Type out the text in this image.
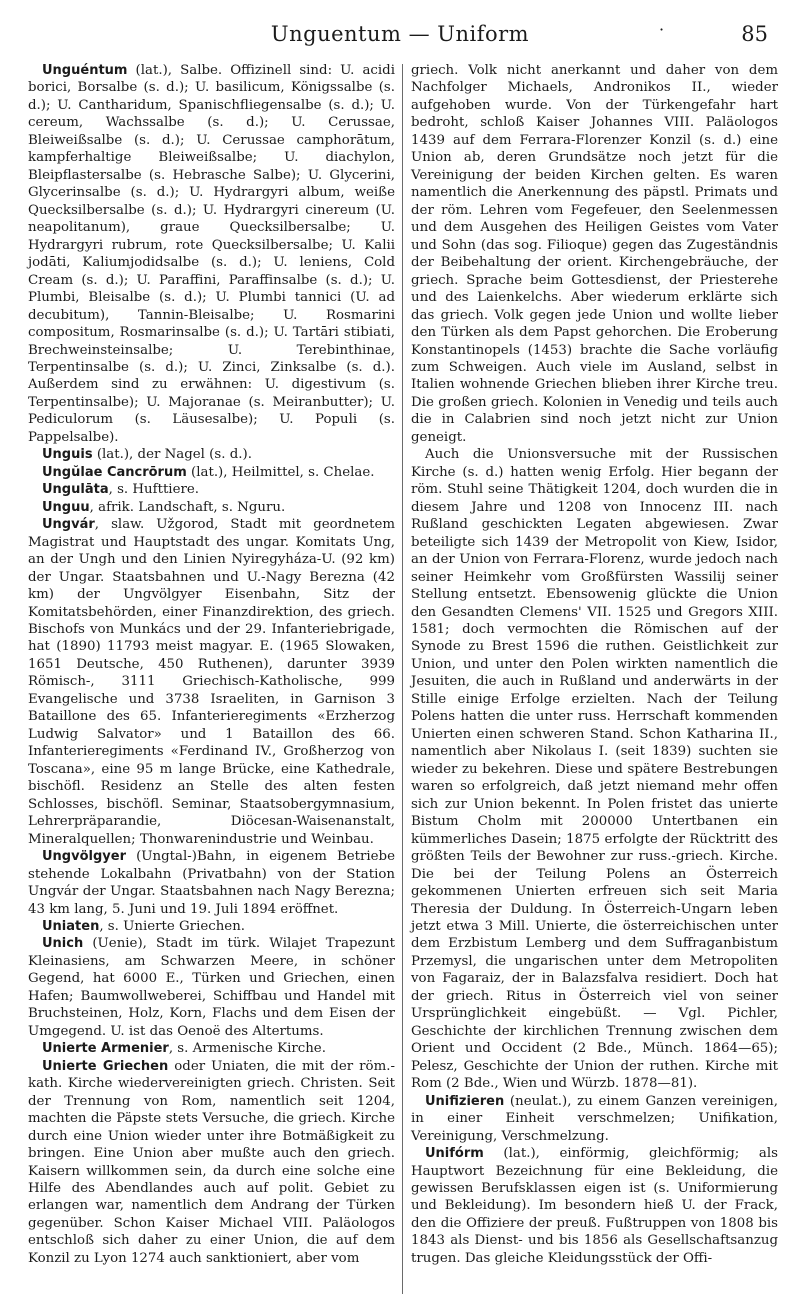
Unguentum — Uniform	·	85

Unguéntum (lat.), Salbe. Offizinell sind: U. acidi borici, Borsalbe (s. d.); U. basilicum, Königssalbe (s. d.); U. Cantharidum, Spanischfliegensalbe (s. d.); U. cereum, Wachssalbe (s. d.); U. Cerussae, Bleiweißsalbe (s. d.); U. Cerussae camphorātum, kampferhaltige Bleiweißsalbe; U. diachylon, Bleipflastersalbe (s. Hebrasche Salbe); U. Glycerini, Glycerinsalbe (s. d.); U. Hydrargyri album, weiße Quecksilbersalbe (s. d.); U. Hydrargyri cinereum (U. neapolitanum), graue Quecksilbersalbe; U. Hydrargyri rubrum, rote Quecksilbersalbe; U. Kalii jodāti, Kaliumjodidsalbe (s. d.); U. leniens, Cold Cream (s. d.); U. Paraffini, Paraffinsalbe (s. d.); U. Plumbi, Bleisalbe (s. d.); U. Plumbi tannici (U. ad decubitum), Tannin-Bleisalbe; U. Rosmarini compositum, Rosmarinsalbe (s. d.); U. Tartāri stibiati, Brechweinsteinsalbe; U. Terebinthinae, Terpentinsalbe (s. d.); U. Zinci, Zinksalbe (s. d.). Außerdem sind zu erwähnen: U. digestivum (s. Terpentinsalbe); U. Majoranae (s. Meiranbutter); U. Pediculorum (s. Läusesalbe); U. Populi (s. Pappelsalbe).

Unguis (lat.), der Nagel (s. d.).

Ungŭlae Cancrōrum (lat.), Heilmittel, s. Chelae.

Ungulāta, s. Hufttiere.

Unguu, afrik. Landschaft, s. Nguru.

Ungvár, slaw. Užgorod, Stadt mit geordnetem Magistrat und Hauptstadt des ungar. Komitats Ung, an der Ungh und den Linien Nyiregyháza-U. (92 km) der Ungar. Staatsbahnen und U.-Nagy Berezna (42 km) der Ungvölgyer Eisenbahn, Sitz der Komitatsbehörden, einer Finanzdirektion, des griech. Bischofs von Munkács und der 29. Infanteriebrigade, hat (1890) 11793 meist magyar. E. (1965 Slowaken, 1651 Deutsche, 450 Ruthenen), darunter 3939 Römisch-, 3111 Griechisch-Katholische, 999 Evangelische und 3738 Israeliten, in Garnison 3 Bataillone des 65. Infanterieregiments «Erzherzog Ludwig Salvator» und 1 Bataillon des 66. Infanterieregiments «Ferdinand IV., Großherzog von Toscana», eine 95 m lange Brücke, eine Kathedrale, bischöfl. Residenz an Stelle des alten festen Schlosses, bischöfl. Seminar, Staatsobergymnasium, Lehrerpräparandie, Diöcesan-Waisenanstalt, Mineralquellen; Thonwarenindustrie und Weinbau.

Ungvölgyer (Ungtal-)Bahn, in eigenem Betriebe stehende Lokalbahn (Privatbahn) von der Station Ungvár der Ungar. Staatsbahnen nach Nagy Berezna; 43 km lang, 5. Juni und 19. Juli 1894 eröffnet.

Uniaten, s. Unierte Griechen.

Unich (Uenie), Stadt im türk. Wilajet Trapezunt Kleinasiens, am Schwarzen Meere, in schöner Gegend, hat 6000 E., Türken und Griechen, einen Hafen; Baumwollweberei, Schiffbau und Handel mit Bruchsteinen, Holz, Korn, Flachs und dem Eisen der Umgegend. U. ist das Oenoë des Altertums.

Unierte Armenier, s. Armenische Kirche.

Unierte Griechen oder Uniaten, die mit der röm.-kath. Kirche wiedervereinigten griech. Christen. Seit der Trennung von Rom, namentlich seit 1204, machten die Päpste stets Versuche, die griech. Kirche durch eine Union wieder unter ihre Botmäßigkeit zu bringen. Eine Union aber mußte auch den griech. Kaisern willkommen sein, da durch eine solche eine Hilfe des Abendlandes auch auf polit. Gebiet zu erlangen war, namentlich dem Andrang der Türken gegenüber. Schon Kaiser Michael VIII. Paläologos entschloß sich daher zu einer Union, die auf dem Konzil zu Lyon 1274 auch sanktioniert, aber vom

griech. Volk nicht anerkannt und daher von dem Nachfolger Michaels, Andronikos II., wieder aufgehoben wurde. Von der Türkengefahr hart bedroht, schloß Kaiser Johannes VIII. Paläologos 1439 auf dem Ferrara-Florenzer Konzil (s. d.) eine Union ab, deren Grundsätze noch jetzt für die Vereinigung der beiden Kirchen gelten. Es waren namentlich die Anerkennung des päpstl. Primats und der röm. Lehren vom Fegefeuer, den Seelenmessen und dem Ausgehen des Heiligen Geistes vom Vater und Sohn (das sog. Filioque) gegen das Zugeständnis der Beibehaltung der orient. Kirchengebräuche, der griech. Sprache beim Gottesdienst, der Priesterehe und des Laienkelchs. Aber wiederum erklärte sich das griech. Volk gegen jede Union und wollte lieber den Türken als dem Papst gehorchen. Die Eroberung Konstantinopels (1453) brachte die Sache vorläufig zum Schweigen. Auch viele im Ausland, selbst in Italien wohnende Griechen blieben ihrer Kirche treu. Die großen griech. Kolonien in Venedig und teils auch die in Calabrien sind noch jetzt nicht zur Union geneigt.

Auch die Unionsversuche mit der Russischen Kirche (s. d.) hatten wenig Erfolg. Hier begann der röm. Stuhl seine Thätigkeit 1204, doch wurden die in diesem Jahre und 1208 von Innocenz III. nach Rußland geschickten Legaten abgewiesen. Zwar beteiligte sich 1439 der Metropolit von Kiew, Isidor, an der Union von Ferrara-Florenz, wurde jedoch nach seiner Heimkehr vom Großfürsten Wassilij seiner Stellung entsetzt. Ebensowenig glückte die Union den Gesandten Clemens' VII. 1525 und Gregors XIII. 1581; doch vermochten die Römischen auf der Synode zu Brest 1596 die ruthen. Geistlichkeit zur Union, und unter den Polen wirkten namentlich die Jesuiten, die auch in Rußland und anderwärts in der Stille einige Erfolge erzielten. Nach der Teilung Polens hatten die unter russ. Herrschaft kommenden Unierten einen schweren Stand. Schon Katharina II., namentlich aber Nikolaus I. (seit 1839) suchten sie wieder zu bekehren. Diese und spätere Bestrebungen waren so erfolgreich, daß jetzt niemand mehr offen sich zur Union bekennt. In Polen fristet das unierte Bistum Cholm mit 200000 Untertbanen ein kümmerliches Dasein; 1875 erfolgte der Rücktritt des größten Teils der Bewohner zur russ.-griech. Kirche. Die bei der Teilung Polens an Österreich gekommenen Unierten erfreuen sich seit Maria Theresia der Duldung. In Österreich-Ungarn leben jetzt etwa 3 Mill. Unierte, die österreichischen unter dem Erzbistum Lemberg und dem Suffraganbistum Przemysl, die ungarischen unter dem Metropoliten von Fagaraiz, der in Balazsfalva residiert. Doch hat der griech. Ritus in Österreich viel von seiner Ursprünglichkeit eingebüßt. — Vgl. Pichler, Geschichte der kirchlichen Trennung zwischen dem Orient und Occident (2 Bde., Münch. 1864—65); Pelesz, Geschichte der Union der ruthen. Kirche mit Rom (2 Bde., Wien und Würzb. 1878—81).

Unifizieren (neulat.), zu einem Ganzen vereinigen, in einer Einheit verschmelzen; Unifikation, Vereinigung, Verschmelzung.

Unifórm (lat.), einförmig, gleichförmig; als Hauptwort Bezeichnung für eine Bekleidung, die gewissen Berufsklassen eigen ist (s. Uniformierung und Bekleidung). Im besondern hieß U. der Frack, den die Offiziere der preuß. Fußtruppen von 1808 bis 1843 als Dienst- und bis 1856 als Gesellschaftsanzug trugen. Das gleiche Kleidungsstück der Offi-
